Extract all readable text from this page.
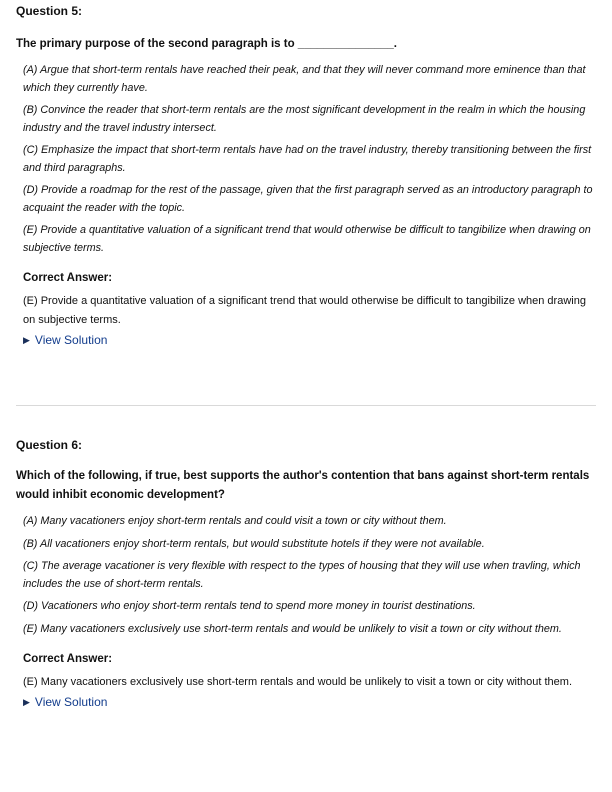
Question 5:

The primary purpose of the second paragraph is to _______________.

(A) Argue that short-term rentals have reached their peak, and that they will never command more eminence than that which they currently have.
(B) Convince the reader that short-term rentals are the most significant development in the realm in which the housing industry and the travel industry intersect.
(C) Emphasize the impact that short-term rentals have had on the travel industry, thereby transitioning between the first and third paragraphs.
(D) Provide a roadmap for the rest of the passage, given that the first paragraph served as an introductory paragraph to acquaint the reader with the topic.
(E) Provide a quantitative valuation of a significant trend that would otherwise be difficult to tangibilize when drawing on subjective terms.

Correct Answer:

(E) Provide a quantitative valuation of a significant trend that would otherwise be difficult to tangibilize when drawing on subjective terms.

▶ View Solution

Question 6:

Which of the following, if true, best supports the author's contention that bans against short-term rentals would inhibit economic development?

(A) Many vacationers enjoy short-term rentals and could visit a town or city without them.
(B) All vacationers enjoy short-term rentals, but would substitute hotels if they were not available.
(C) The average vacationer is very flexible with respect to the types of housing that they will use when travling, which includes the use of short-term rentals.
(D) Vacationers who enjoy short-term rentals tend to spend more money in tourist destinations.
(E) Many vacationers exclusively use short-term rentals and would be unlikely to visit a town or city without them.

Correct Answer:

(E) Many vacationers exclusively use short-term rentals and would be unlikely to visit a town or city without them.

▶ View Solution
